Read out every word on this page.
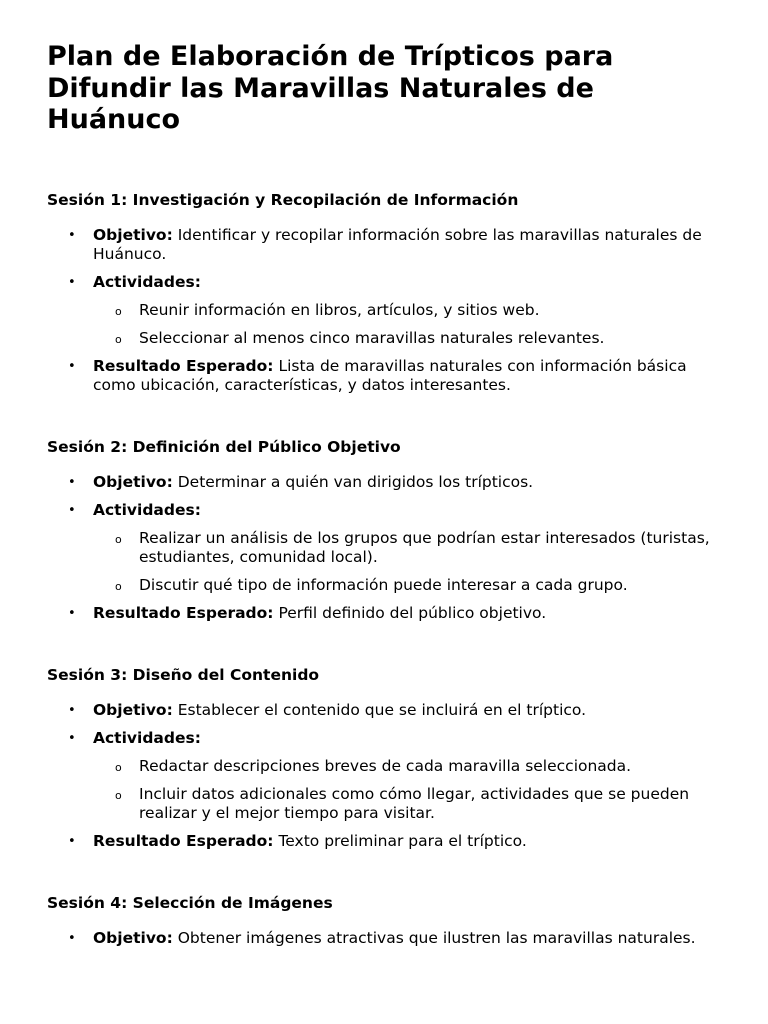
Plan de Elaboración de Trípticos para Difundir las Maravillas Naturales de Huánuco
Sesión 1: Investigación y Recopilación de Información
• Objetivo: Identificar y recopilar información sobre las maravillas naturales de Huánuco.
• Actividades:
o Reunir información en libros, artículos, y sitios web.
o Seleccionar al menos cinco maravillas naturales relevantes.
• Resultado Esperado: Lista de maravillas naturales con información básica como ubicación, características, y datos interesantes.
Sesión 2: Definición del Público Objetivo
• Objetivo: Determinar a quién van dirigidos los trípticos.
• Actividades:
o Realizar un análisis de los grupos que podrían estar interesados (turistas, estudiantes, comunidad local).
o Discutir qué tipo de información puede interesar a cada grupo.
• Resultado Esperado: Perfil definido del público objetivo.
Sesión 3: Diseño del Contenido
• Objetivo: Establecer el contenido que se incluirá en el tríptico.
• Actividades:
o Redactar descripciones breves de cada maravilla seleccionada.
o Incluir datos adicionales como cómo llegar, actividades que se pueden realizar y el mejor tiempo para visitar.
• Resultado Esperado: Texto preliminar para el tríptico.
Sesión 4: Selección de Imágenes
• Objetivo: Obtener imágenes atractivas que ilustren las maravillas naturales.
